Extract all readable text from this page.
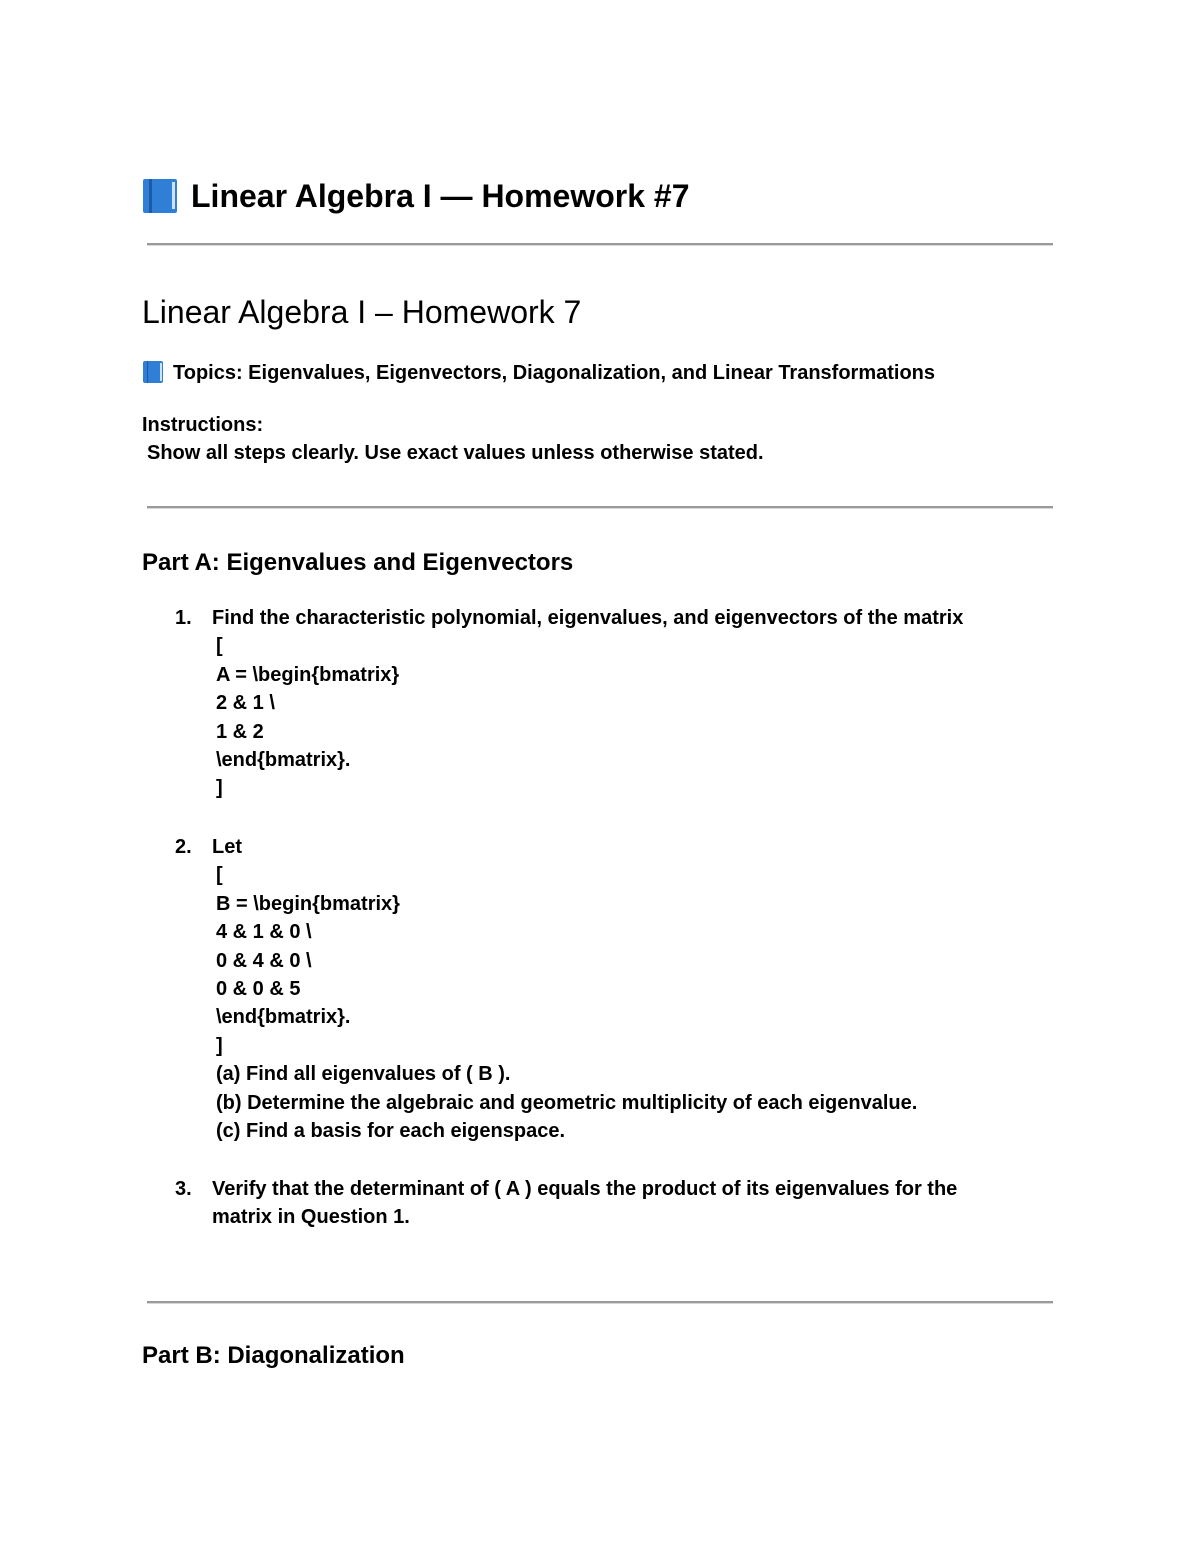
Linear Algebra I — Homework #7
Linear Algebra I – Homework 7
Topics: Eigenvalues, Eigenvectors, Diagonalization, and Linear Transformations
Instructions:
Show all steps clearly. Use exact values unless otherwise stated.
Part A: Eigenvalues and Eigenvectors
1. Find the characteristic polynomial, eigenvalues, and eigenvectors of the matrix
[
A = \begin{bmatrix}
2 & 1 \
1 & 2
\end{bmatrix}.
]
2. Let
[
B = \begin{bmatrix}
4 & 1 & 0 \
0 & 4 & 0 \
0 & 0 & 5
\end{bmatrix}.
]
(a) Find all eigenvalues of ( B ).
(b) Determine the algebraic and geometric multiplicity of each eigenvalue.
(c) Find a basis for each eigenspace.
3. Verify that the determinant of ( A ) equals the product of its eigenvalues for the
matrix in Question 1.
Part B: Diagonalization
